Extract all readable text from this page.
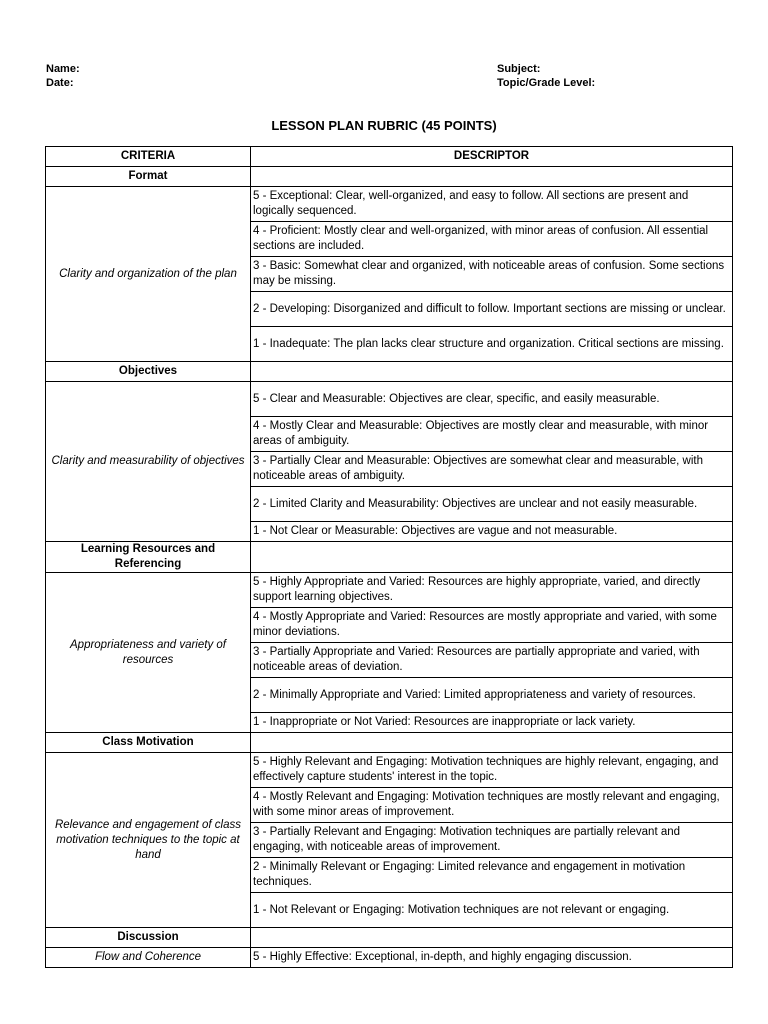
Name:
Date:
Subject:
Topic/Grade Level:
LESSON PLAN RUBRIC (45 POINTS)
CRITERIA	DESCRIPTOR
Format	

Clarity and organization of the plan	5 - Exceptional: Clear, well-organized, and easy to follow. All sections are present and logically sequenced.

	4 - Proficient: Mostly clear and well-organized, with minor areas of confusion. All essential sections are included.

	3 - Basic: Somewhat clear and organized, with noticeable areas of confusion. Some sections may be missing.

	2 - Developing: Disorganized and difficult to follow. Important sections are missing or unclear.

	1 - Inadequate: The plan lacks clear structure and organization. Critical sections are missing.

Objectives	

Clarity and measurability of objectives	5 - Clear and Measurable: Objectives are clear, specific, and easily measurable.

	4 - Mostly Clear and Measurable: Objectives are mostly clear and measurable, with minor areas of ambiguity.

	3 - Partially Clear and Measurable: Objectives are somewhat clear and measurable, with noticeable areas of ambiguity.

	2 - Limited Clarity and Measurability: Objectives are unclear and not easily measurable.

	1 - Not Clear or Measurable: Objectives are vague and not measurable.

Learning Resources and Referencing	

Appropriateness and variety of resources	5 - Highly Appropriate and Varied: Resources are highly appropriate, varied, and directly support learning objectives.

	4 - Mostly Appropriate and Varied: Resources are mostly appropriate and varied, with some minor deviations.

	3 - Partially Appropriate and Varied: Resources are partially appropriate and varied, with noticeable areas of deviation.

	2 - Minimally Appropriate and Varied: Limited appropriateness and variety of resources.

	1 - Inappropriate or Not Varied: Resources are inappropriate or lack variety.

Class Motivation	

Relevance and engagement of class
motivation techniques to the topic at hand	5 - Highly Relevant and Engaging: Motivation techniques are highly relevant, engaging, and effectively capture students' interest in the topic.

	4 - Mostly Relevant and Engaging: Motivation techniques are mostly relevant and engaging, with some minor areas of improvement.

	3 - Partially Relevant and Engaging: Motivation techniques are partially relevant and engaging, with noticeable areas of improvement.

	2 - Minimally Relevant or Engaging: Limited relevance and engagement in motivation techniques.

	1 - Not Relevant or Engaging: Motivation techniques are not relevant or engaging.

Discussion	

Flow and Coherence	5 - Highly Effective: Exceptional, in-depth, and highly engaging discussion.
